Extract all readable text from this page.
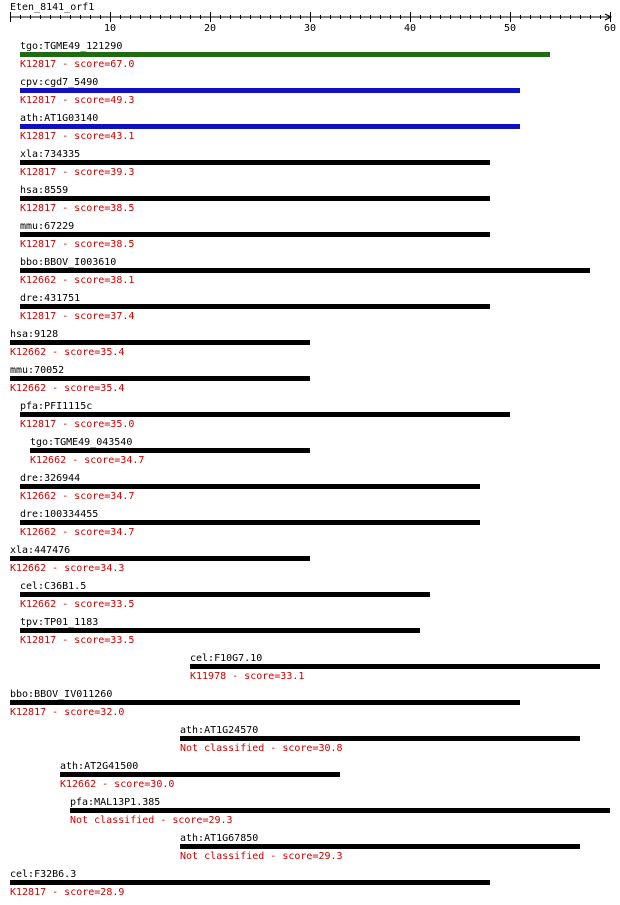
Eten_8141_orf1
10	20	30	40	50	60
tgo:TGME49_121290
K12817 - score=67.0
cpv:cgd7_5490
K12817 - score=49.3
ath:AT1G03140
K12817 - score=43.1
xla:734335
K12817 - score=39.3
hsa:8559
K12817 - score=38.5
mmu:67229
K12817 - score=38.5
bbo:BBOV_I003610
K12662 - score=38.1
dre:431751
K12817 - score=37.4
hsa:9128
K12662 - score=35.4
mmu:70052
K12662 - score=35.4
pfa:PFI1115c
K12817 - score=35.0
tgo:TGME49_043540
K12662 - score=34.7
dre:326944
K12662 - score=34.7
dre:100334455
K12662 - score=34.7
xla:447476
K12662 - score=34.3
cel:C36B1.5
K12662 - score=33.5
tpv:TP01_1183
K12817 - score=33.5
cel:F10G7.10
K11978 - score=33.1
bbo:BBOV_IV011260
K12817 - score=32.0
ath:AT1G24570
Not classified - score=30.8
ath:AT2G41500
K12662 - score=30.0
pfa:MAL13P1.385
Not classified - score=29.3
ath:AT1G67850
Not classified - score=29.3
cel:F32B6.3
K12817 - score=28.9
